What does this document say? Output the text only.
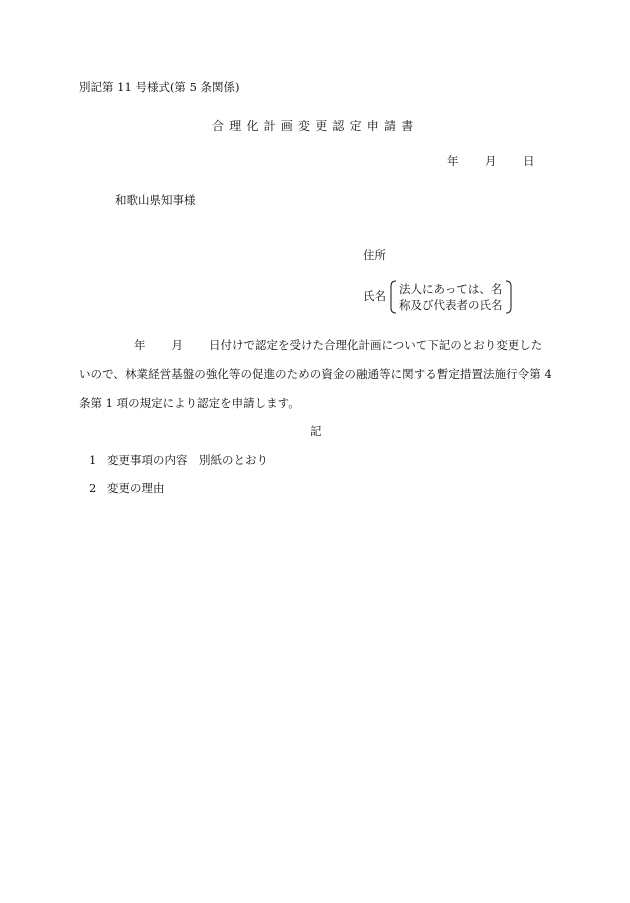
別記第 11 号様式(第 5 条関係)
合理化計画変更認定申請書
年 月 日
和歌山県知事様
住所
氏名
法人にあっては、名
称及び代表者の氏名
年 月 日付けで認定を受けた合理化計画について下記のとおり変更した
いので、林業経営基盤の強化等の促進のための資金の融通等に関する暫定措置法施行令第 4
条第 1 項の規定により認定を申請します。
記
1 変更事項の内容　別紙のとおり
2 変更の理由
